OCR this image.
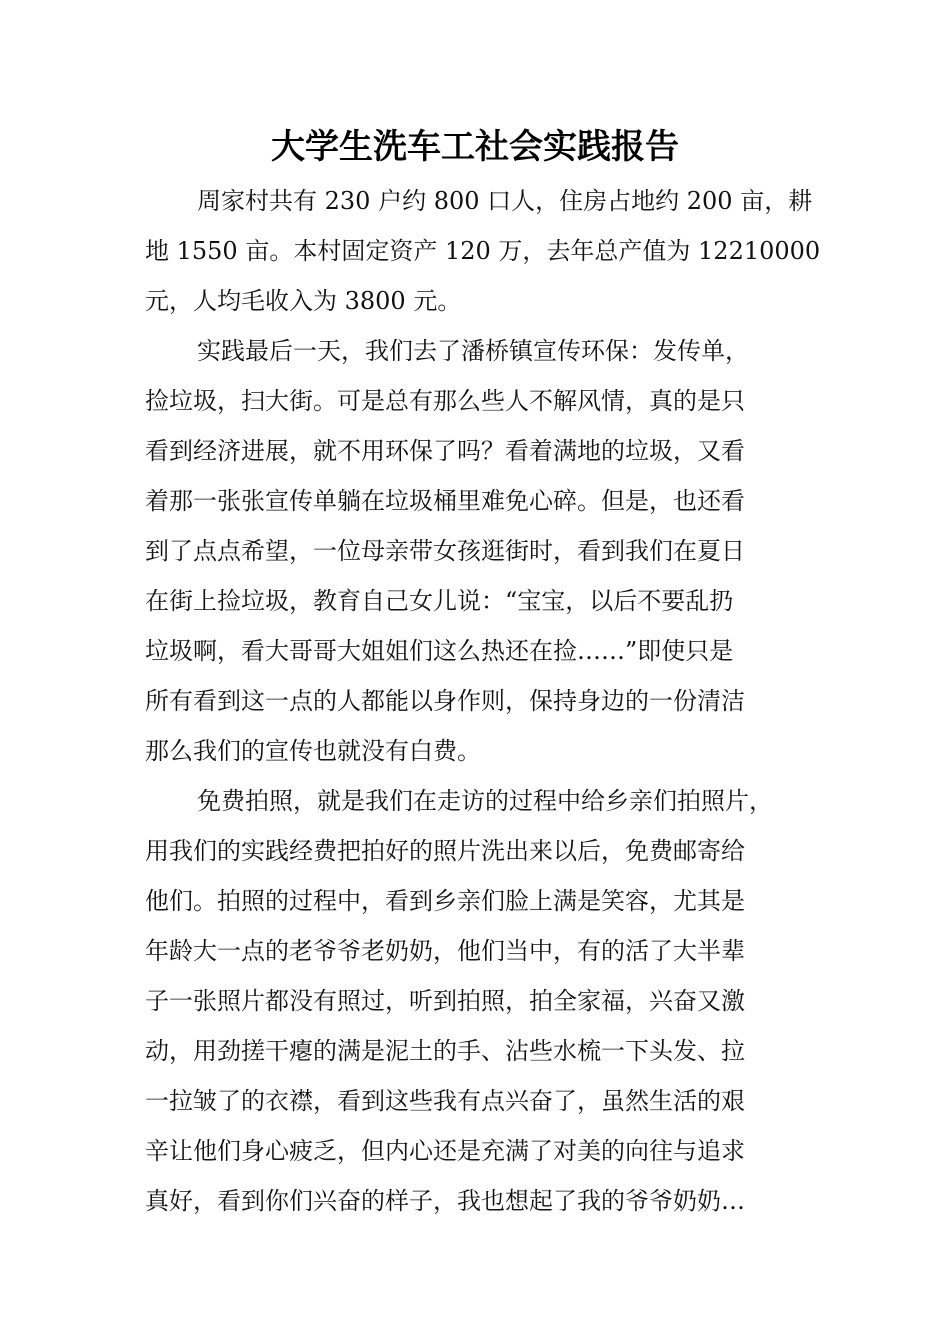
大学生洗车工社会实践报告

周家村共有 230 户约 800 口人，住房占地约 200 亩，耕

地 1550 亩。本村固定资产 120 万，去年总产值为 12210000

元，人均毛收入为 3800 元。

实践最后一天，我们去了潘桥镇宣传环保：发传单，

捡垃圾，扫大街。可是总有那么些人不解风情，真的是只

看到经济进展，就不用环保了吗？看着满地的垃圾，又看

着那一张张宣传单躺在垃圾桶里难免心碎。但是，也还看

到了点点希望，一位母亲带女孩逛街时，看到我们在夏日

在街上捡垃圾，教育自己女儿说：“宝宝，以后不要乱扔

垃圾啊，看大哥哥大姐姐们这么热还在捡……”即使只是

所有看到这一点的人都能以身作则，保持身边的一份清洁

那么我们的宣传也就没有白费。

免费拍照，就是我们在走访的过程中给乡亲们拍照片，

用我们的实践经费把拍好的照片洗出来以后，免费邮寄给

他们。拍照的过程中，看到乡亲们脸上满是笑容，尤其是

年龄大一点的老爷爷老奶奶，他们当中，有的活了大半辈

子一张照片都没有照过，听到拍照，拍全家福，兴奋又激

动，用劲搓干瘪的满是泥土的手、沾些水梳一下头发、拉

一拉皱了的衣襟，看到这些我有点兴奋了，虽然生活的艰

辛让他们身心疲乏，但内心还是充满了对美的向往与追求

真好，看到你们兴奋的样子，我也想起了我的爷爷奶奶…
